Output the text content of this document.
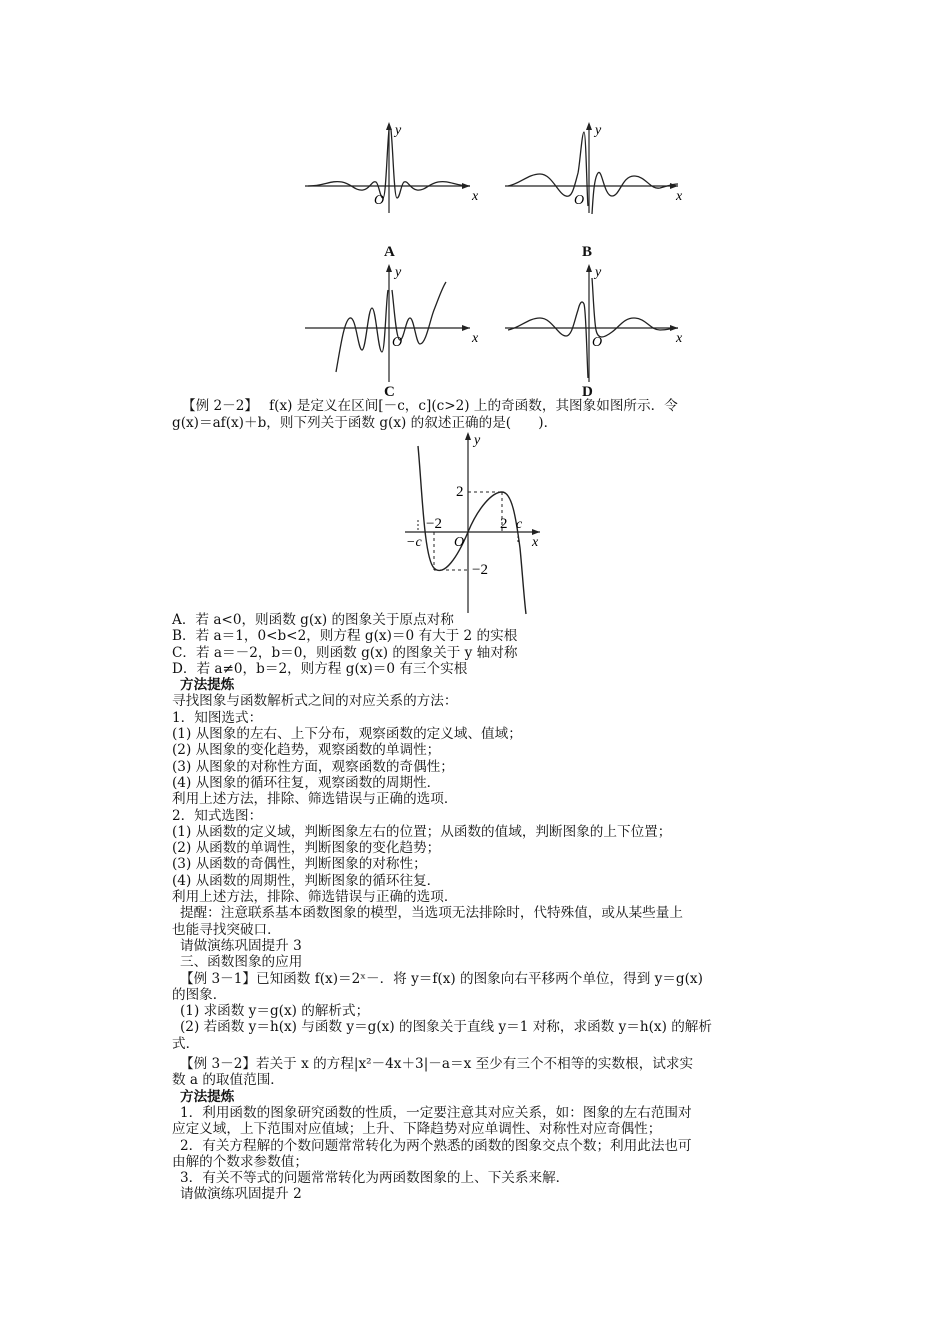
y
x
O
A
y
x
O
B
y
x
O
C
y
x
O
D
y
x
O
2
−2
−2	2 c
−c

【例 2－2】　 f(x) 是定义在区间[－c，c](c>2) 上的奇函数，其图象如图所示．令

g(x)＝af(x)＋b，则下列关于函数 g(x) 的叙述正确的是(　　)．

A．若 a<0，则函数 g(x) 的图象关于原点对称

B．若 a＝1，0<b<2，则方程 g(x)＝0 有大于 2 的实根

C．若 a＝－2，b＝0，则函数 g(x) 的图象关于 y 轴对称

D．若 a≠0，b＝2，则方程 g(x)＝0 有三个实根

方法提炼

寻找图象与函数解析式之间的对应关系的方法：

1．知图选式：

(1) 从图象的左右、上下分布，观察函数的定义域、值域；

(2) 从图象的变化趋势，观察函数的单调性；

(3) 从图象的对称性方面，观察函数的奇偶性；

(4) 从图象的循环往复，观察函数的周期性．

利用上述方法，排除、筛选错误与正确的选项．

2．知式选图：

(1) 从函数的定义域，判断图象左右的位置；从函数的值域，判断图象的上下位置；

(2) 从函数的单调性，判断图象的变化趋势；

(3) 从函数的奇偶性，判断图象的对称性；

(4) 从函数的周期性，判断图象的循环往复．

利用上述方法，排除、筛选错误与正确的选项．

提醒：注意联系基本函数图象的模型，当选项无法排除时，代特殊值，或从某些量上

也能寻找突破口．

请做演练巩固提升 3

三、函数图象的应用

【例 3－1】已知函数 f(x)＝2ˣ－．将 y＝f(x) 的图象向右平移两个单位，得到 y＝g(x)

的图象．

(1) 求函数 y＝g(x) 的解析式；

(2) 若函数 y＝h(x) 与函数 y＝g(x) 的图象关于直线 y＝1 对称，求函数 y＝h(x) 的解析

式．

【例 3－2】若关于 x 的方程|x²－4x＋3|－a＝x 至少有三个不相等的实数根，试求实

数 a 的取值范围．

方法提炼

1．利用函数的图象研究函数的性质，一定要注意其对应关系，如：图象的左右范围对

应定义域，上下范围对应值域；上升、下降趋势对应单调性、对称性对应奇偶性；

2．有关方程解的个数问题常常转化为两个熟悉的函数的图象交点个数；利用此法也可

由解的个数求参数值；

3．有关不等式的问题常常转化为两函数图象的上、下关系来解．

请做演练巩固提升 2
